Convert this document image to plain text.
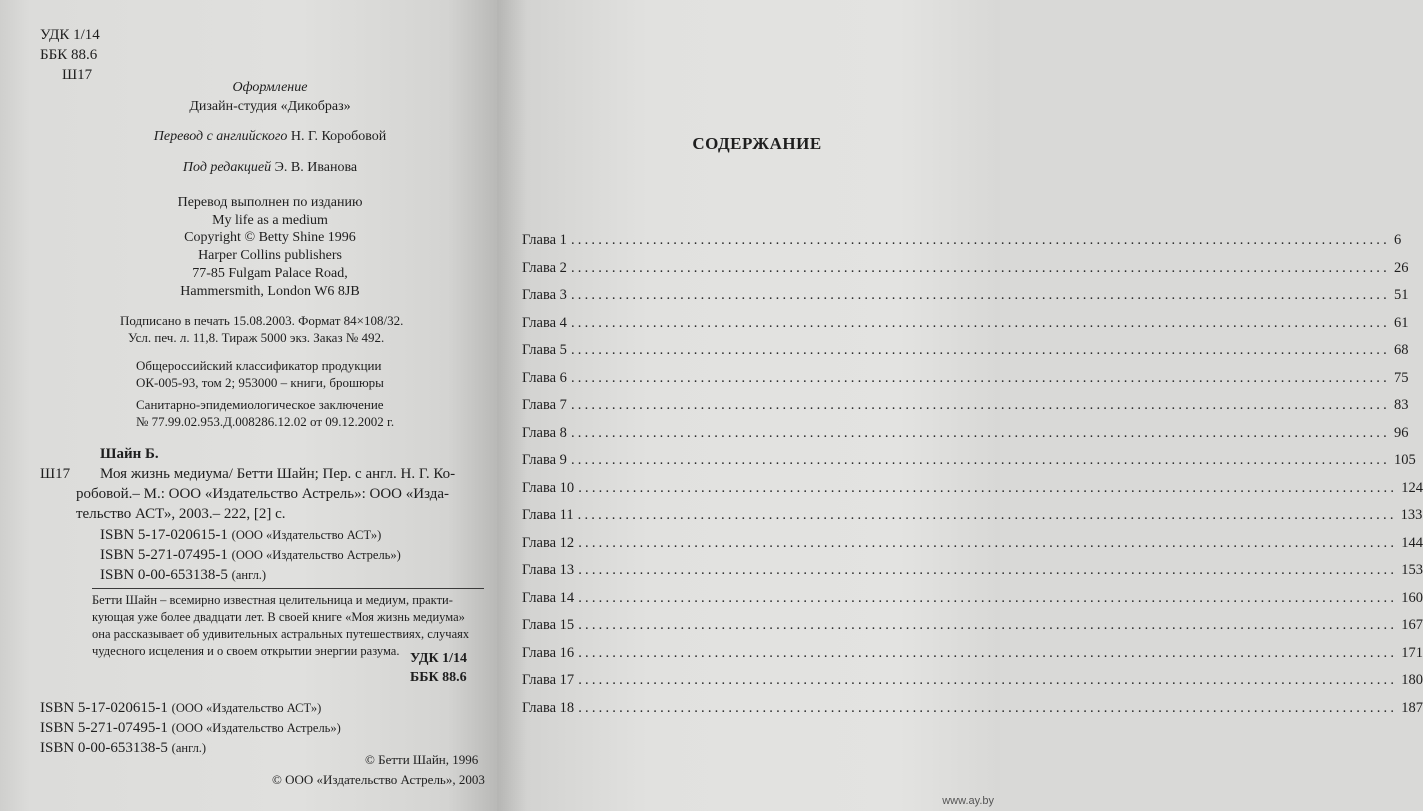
УДК 1/14
ББК 88.6
Ш17
Оформление
Дизайн-студия «Дикобраз»
Перевод с английского Н. Г. Коробовой
Под редакцией Э. В. Иванова
Перевод выполнен по изданию
My life as a medium
Copyright © Betty Shine 1996
Harper Collins publishers
77-85 Fulgam Palace Road,
Hammersmith, London W6 8JB
Подписано в печать 15.08.2003. Формат 84×108/32.
Усл. печ. л. 11,8. Тираж 5000 экз. Заказ № 492.
Общероссийский классификатор продукции
ОК-005-93, том 2; 953000 – книги, брошюры
Санитарно-эпидемиологическое заключение
№ 77.99.02.953.Д.008286.12.02 от 09.12.2002 г.
Шайн Б.
Ш17 Моя жизнь медиума/ Бетти Шайн; Пер. с англ. Н. Г. Ко-
робовой.– М.: ООО «Издательство Астрель»: ООО «Изда-
тельство АСТ», 2003.– 222, [2] с.
ISBN 5-17-020615-1 (ООО «Издательство АСТ»)
ISBN 5-271-07495-1 (ООО «Издательство Астрель»)
ISBN 0-00-653138-5 (англ.)

Бетти Шайн – всемирно известная целительница и медиум, практи-

кующая уже более двадцати лет. В своей книге «Моя жизнь медиума»

она рассказывает об удивительных астральных путешествиях, случаях

чудесного исцеления и о своем открытии энергии разума. УДК 1/14
ББК 88.6
ISBN 5-17-020615-1 (ООО «Издательство АСТ»)
ISBN 5-271-07495-1 (ООО «Издательство Астрель»)
ISBN 0-00-653138-5 (англ.)
© Бетти Шайн, 1996
© ООО «Издательство Астрель», 2003
СОДЕРЖАНИЕ
Глава 1 ........................................................................................................................ 6
Глава 2 ........................................................................................................................ 26
Глава 3 ........................................................................................................................ 51
Глава 4 ........................................................................................................................ 61
Глава 5 ........................................................................................................................ 68
Глава 6 ........................................................................................................................ 75
Глава 7 ........................................................................................................................ 83
Глава 8 ........................................................................................................................ 96
Глава 9 ........................................................................................................................ 105
Глава 10 ........................................................................................................................ 124
Глава 11 ........................................................................................................................ 133
Глава 12 ........................................................................................................................ 144
Глава 13 ........................................................................................................................ 153
Глава 14 ........................................................................................................................ 160
Глава 15 ........................................................................................................................ 167
Глава 16 ........................................................................................................................ 171
Глава 17 ........................................................................................................................ 180
Глава 18 ........................................................................................................................ 187
www.ay.by
